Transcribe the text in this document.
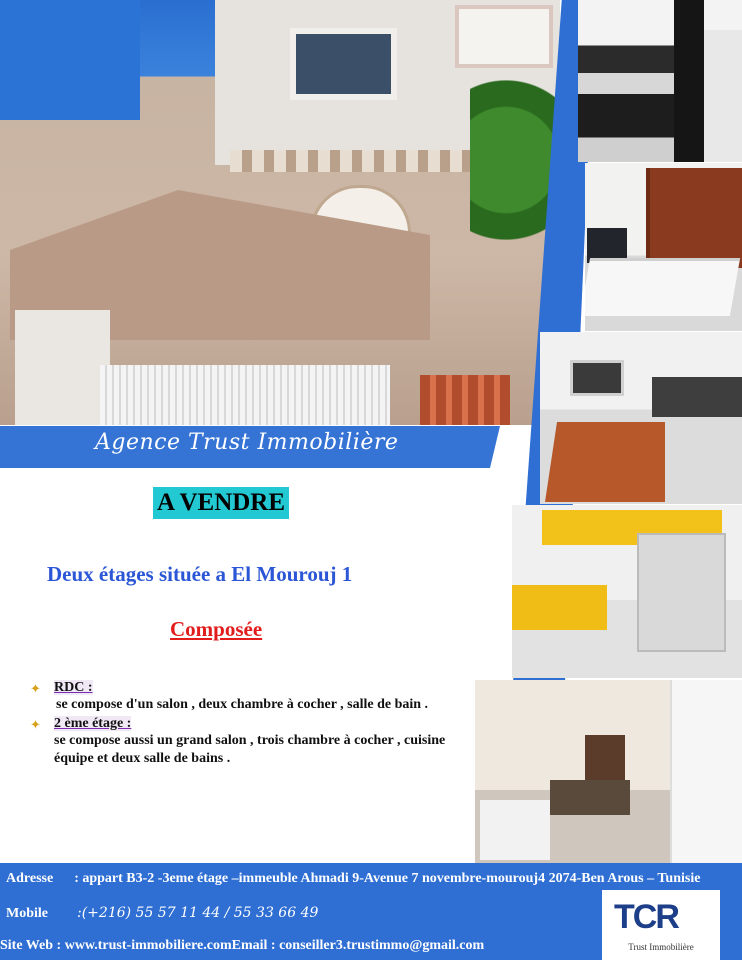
Agence Trust Immobilière
A VENDRE
Deux étages située a El Mourouj 1
Composée
✦ RDC :
se compose d'un salon , deux chambre à cocher , salle de bain .
✦ 2 ème étage :
se compose aussi un grand salon , trois chambre à cocher , cuisine équipe et deux salle de bains .
Adresse : appart B3-2 -3eme étage –immeuble Ahmadi 9-Avenue 7 novembre-mourouj4 2074-Ben Arous – Tunisie
Mobile :(+216) 55 57 11 44 / 55 33 66 49
Site Web : www.trust-immobiliere.comEmail : conseiller3.trustimmo@gmail.com
TCR
Trust Immobilière
